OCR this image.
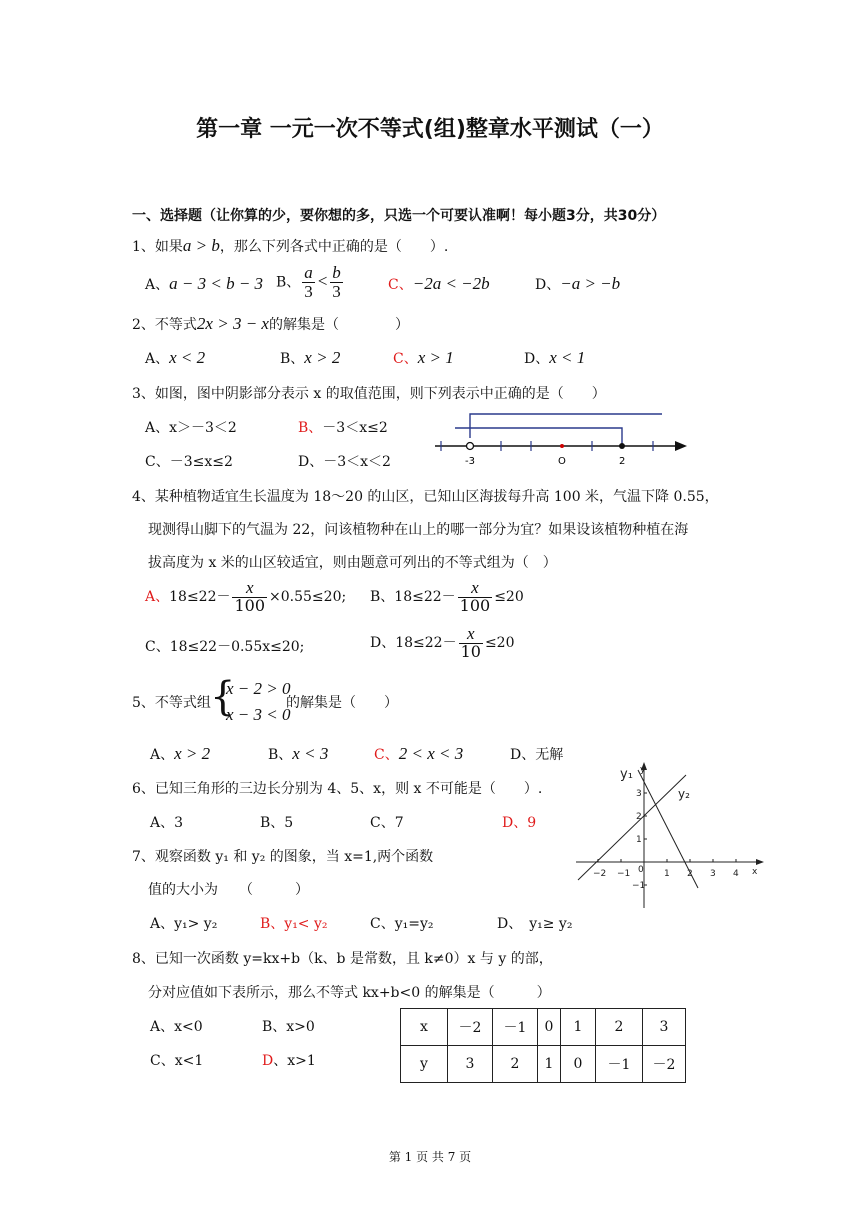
第一章 一元一次不等式(组)整章水平测试（一）
一、选择题（让你算的少，要你想的多，只选一个可要认准啊！每小题3分，共30分）
1、如果a > b，那么下列各式中正确的是（　　）.
A、a − 3 < b − 3 B、 $\frac{a}{3} < \frac{b}{3}$	C、−2a < −2b	D、−a > −b
2、不等式2x > 3 − x的解集是（　　　　）
A、x < 2	B、x > 2	C、x > 1	D、x < 1
3、如图，图中阴影部分表示 x 的取值范围，则下列表示中正确的是（　　）
A、x＞－3＜2	B、－3＜x≤2
C、－3≤x≤2	D、－3＜x＜2	-3	O	2
4、某种植物适宜生长温度为 18～20 的山区，已知山区海拔每升高 100 米，气温下降 0.55，
现测得山脚下的气温为 22，问该植物种在山上的哪一部分为宜？如果设该植物种植在海
拔高度为 x 米的山区较适宜，则由题意可列出的不等式组为（　）
A、$18\le 22- \frac{x}{100} \times 0.55\le 20$; B、$18\le 22- \frac{x}{100} \le 20$
C、18≤22－0.55x≤20;	D、$18\le 22- \frac{x}{10} \le 20$
5、不等式组 {
x − 2 > 0
x − 3 < 0
的解集是（　　）
A、x > 2	B、x < 3	C、2 < x < 3	D、无解
6、已知三角形的三边长分别为 4、5、x，则 x 不可能是（　　）.
A、3	B、5	C、7	D、9
7、观察函数 y₁ 和 y₂ 的图象，当 x=1,两个函数
值的大小为　　（　　　）
A、y₁> y₂	B、y₁< y₂	C、y₁=y₂	D、　y₁≥ y₂
−2 −1	1 2 3 4 x
3
2
1
−1
0
y
y₁
y₂
8、已知一次函数 y=kx+b（k、b 是常数，且 k≠0）x 与 y 的部，
分对应值如下表所示，那么不等式 kx+b<0 的解集是（　　　）
A、x<0	B、x>0
C、x<1	D、x>1
x	－2	－1	0	1	2	3
y	3	2	1	0	－1	－2
第 1 页 共 7 页
